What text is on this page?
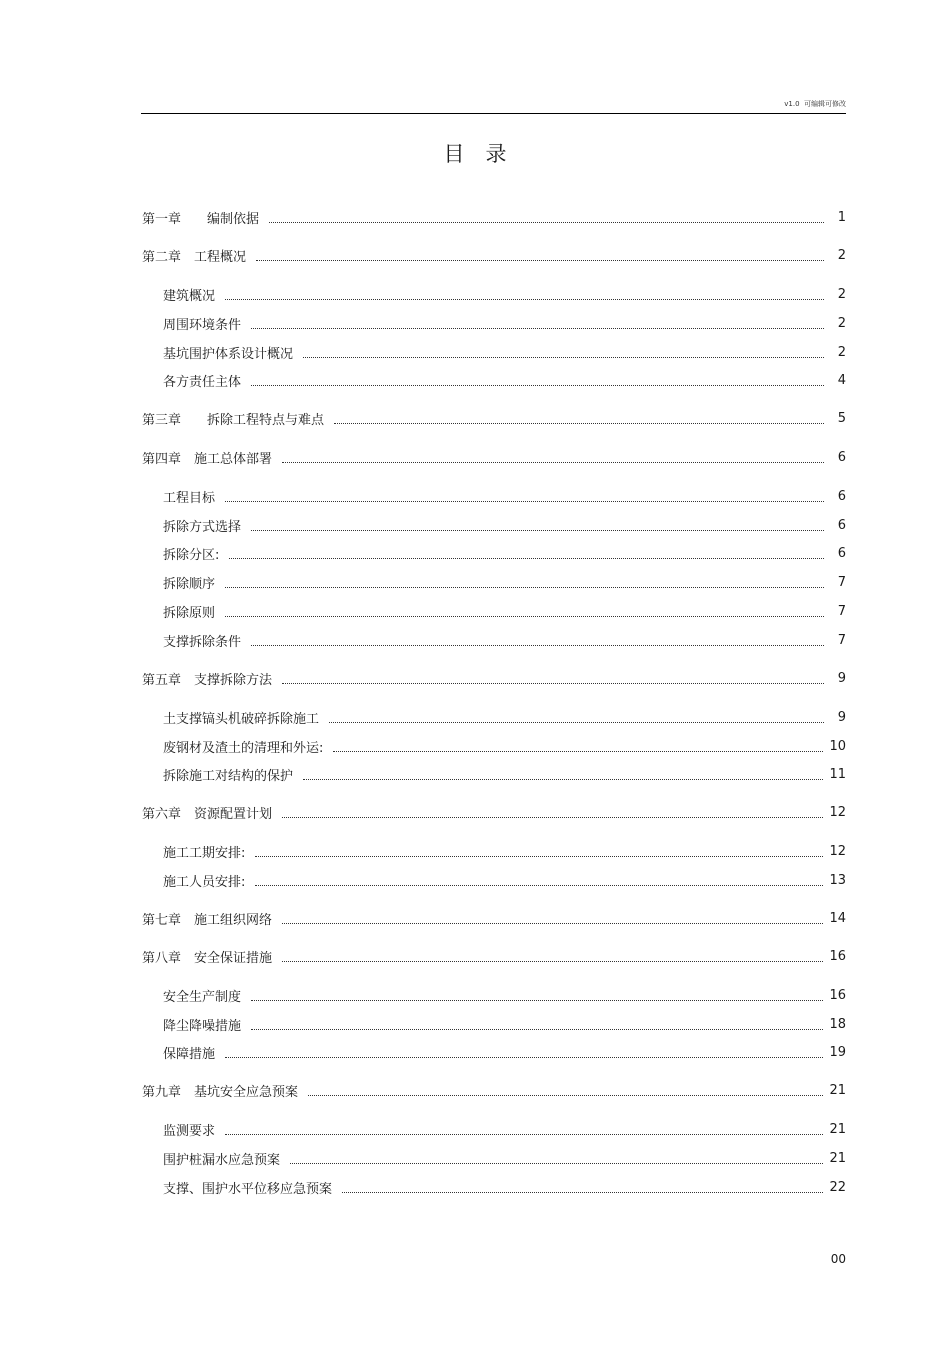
v1.0  可编辑可修改
目　录
第一章　　编制依据	1
第二章　工程概况	2
建筑概况	2
周围环境条件	2
基坑围护体系设计概况	2
各方责任主体	4
第三章　　拆除工程特点与难点	5
第四章　施工总体部署	6
工程目标	6
拆除方式选择	6
拆除分区:	6
拆除顺序	7
拆除原则	7
支撑拆除条件	7
第五章　支撑拆除方法	9
土支撑镐头机破碎拆除施工	9
废钢材及渣土的清理和外运:	10
拆除施工对结构的保护	11
第六章　资源配置计划	12
施工工期安排:	12
施工人员安排:	13
第七章　施工组织网络	14
第八章　安全保证措施	16
安全生产制度	16
降尘降噪措施	18
保障措施	19
第九章　基坑安全应急预案	21
监测要求	21
围护桩漏水应急预案	21
支撑、围护水平位移应急预案	22
00
